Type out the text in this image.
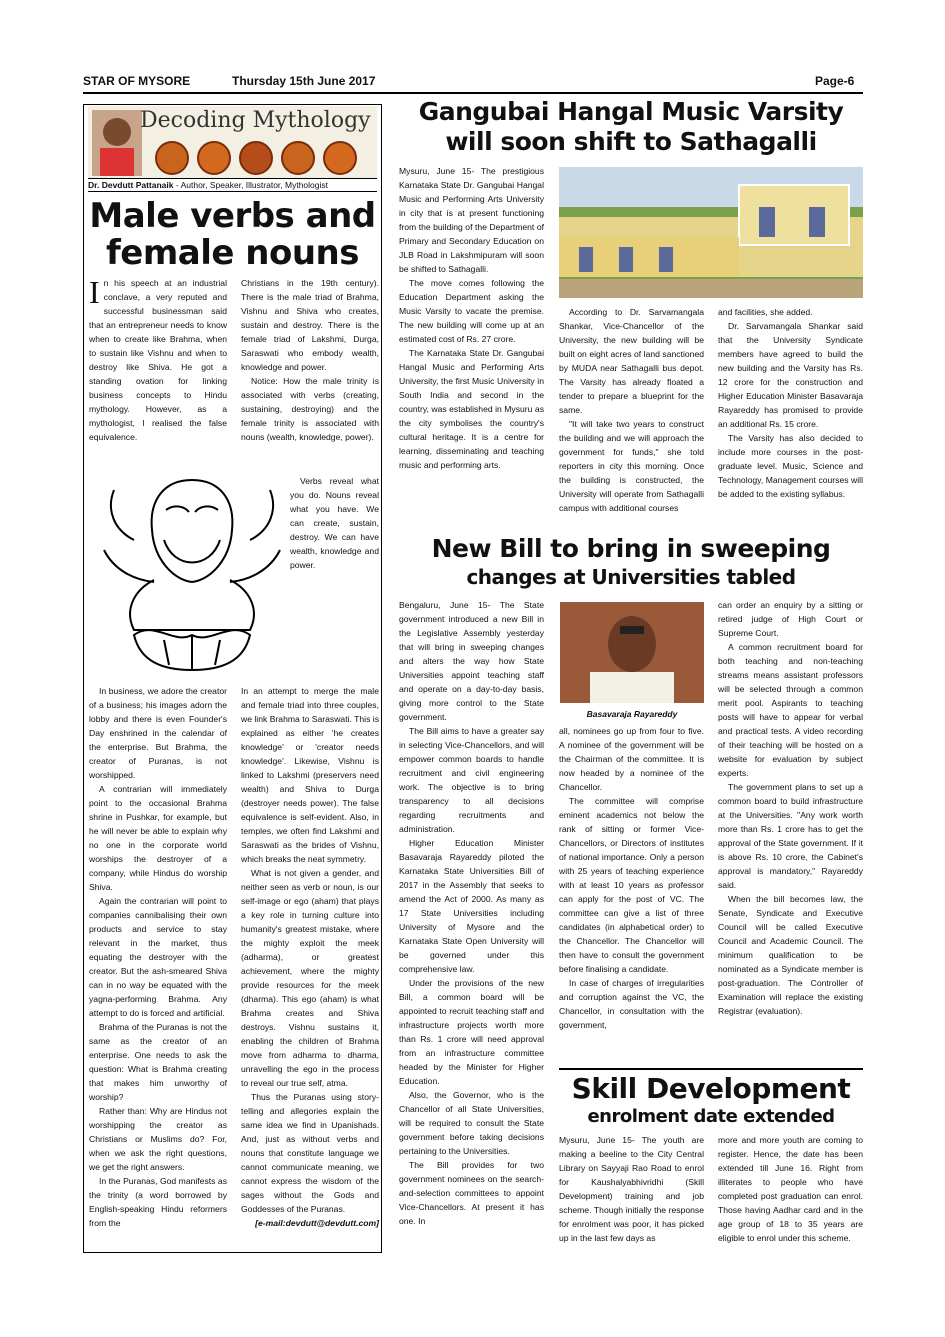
STAR OF MYSORE	Thursday 15th June 2017	Page-6
Decoding Mythology
Dr. Devdutt Pattanaik - Author, Speaker, Illustrator, Mythologist
Male verbs and
female nouns

In his speech at an industrial conclave, a very reputed and successful businessman said that an entrepreneur needs to know when to create like Brahma, when to sustain like Vishnu and when to destroy like Shiva. He got a standing ovation for linking business concepts to Hindu mythology. However, as a mythologist, I realised the false equivalence.

In business, we adore the creator of a business; his images adorn the lobby and there is even Founder's Day enshrined in the calendar of the enterprise. But Brahma, the creator of Puranas, is not worshipped.

A contrarian will immediately point to the occasional Brahma shrine in Pushkar, for example, but he will never be able to explain why no one in the corporate world worships the destroyer of a company, while Hindus do worship Shiva.

Again the contrarian will point to companies cannibalising their own products and service to stay relevant in the market, thus equating the destroyer with the creator. But the ash-smeared Shiva can in no way be equated with the yagna-performing Brahma. Any attempt to do is forced and artificial.

Brahma of the Puranas is not the same as the creator of an enterprise. One needs to ask the question: What is Brahma creating that makes him unworthy of worship?

Rather than: Why are Hindus not worshipping the creator as Christians or Muslims do? For, when we ask the right questions, we get the right answers.

In the Puranas, God manifests as the trinity (a word borrowed by English-speaking Hindu reformers from the

Christians in the 19th century). There is the male triad of Brahma, Vishnu and Shiva who creates, sustain and destroy. There is the female triad of Lakshmi, Durga, Saraswati who embody wealth, knowledge and power.

Notice: How the male trinity is associated with verbs (creating, sustaining, destroying) and the female trinity is associated with nouns (wealth, knowledge, power).

Verbs reveal what you do. Nouns reveal what you have. We can create, sustain, destroy. We can have wealth, knowledge and power.

In an attempt to merge the male and female triad into three couples, we link Brahma to Saraswati. This is explained as either 'he creates knowledge' or 'creator needs knowledge'. Likewise, Vishnu is linked to Lakshmi (preservers need wealth) and Shiva to Durga (destroyer needs power). The false equivalence is self-evident. Also, in temples, we often find Lakshmi and Saraswati as the brides of Vishnu, which breaks the neat symmetry.

What is not given a gender, and neither seen as verb or noun, is our self-image or ego (aham) that plays a key role in turning culture into humanity's greatest mistake, where the mighty exploit the meek (adharma), or greatest achievement, where the mighty provide resources for the meek (dharma). This ego (aham) is what Brahma creates and Shiva destroys. Vishnu sustains it, enabling the children of Brahma move from adharma to dharma, unravelling the ego in the process to reveal our true self, atma.

Thus the Puranas using story-telling and allegories explain the same idea we find in Upanishads. And, just as without verbs and nouns that constitute language we cannot communicate meaning, we cannot express the wisdom of the sages without the Gods and Goddesses of the Puranas.

[e-mail:devdutt@devdutt.com]

Gangubai Hangal Music Varsity
will soon shift to Sathagalli

Mysuru, June 15- The prestigious Karnataka State Dr. Gangubai Hangal Music and Performing Arts University in city that is at present functioning from the building of the Department of Primary and Secondary Education on JLB Road in Lakshmipuram will soon be shifted to Sathagalli.

The move comes following the Education Department asking the Music Varsity to vacate the premise. The new building will come up at an estimated cost of Rs. 27 crore.

The Karnataka State Dr. Gangubai Hangal Music and Performing Arts University, the first Music University in South India and second in the country, was established in Mysuru as the city symbolises the country's cultural heritage. It is a centre for learning, disseminating and teaching music and performing arts.

According to Dr. Sarvamangala Shankar, Vice-Chancellor of the University, the new building will be built on eight acres of land sanctioned by MUDA near Sathagalli bus depot. The Varsity has already floated a tender to prepare a blueprint for the same.

"It will take two years to construct the building and we will approach the government for funds," she told reporters in city this morning. Once the building is constructed, the University will operate from Sathagalli campus with additional courses

and facilities, she added.

Dr. Sarvamangala Shankar said that the University Syndicate members have agreed to build the new building and the Varsity has Rs. 12 crore for the construction and Higher Education Minister Basavaraja Rayareddy has promised to provide an additional Rs. 15 crore.

The Varsity has also decided to include more courses in the post-graduate level. Music, Science and Technology, Management courses will be added to the existing syllabus.

New Bill to bring in sweeping
changes at Universities tabled

Bengaluru, June 15- The State government introduced a new Bill in the Legislative Assembly yesterday that will bring in sweeping changes and alters the way how State Universities appoint teaching staff and operate on a day-to-day basis, giving more control to the State government.

The Bill aims to have a greater say in selecting Vice-Chancellors, and will empower common boards to handle recruitment and civil engineering work. The objective is to bring transparency to all decisions regarding recruitments and administration.

Higher Education Minister Basavaraja Rayareddy piloted the Karnataka State Universities Bill of 2017 in the Assembly that seeks to amend the Act of 2000. As many as 17 State Universities including University of Mysore and the Karnataka State Open University will be governed under this comprehensive law.

Under the provisions of the new Bill, a common board will be appointed to recruit teaching staff and infrastructure projects worth more than Rs. 1 crore will need approval from an infrastructure committee headed by the Minister for Higher Education.

Also, the Governor, who is the Chancellor of all State Universities, will be required to consult the State government before taking decisions pertaining to the Universities.

The Bill provides for two government nominees on the search-and-selection committees to appoint Vice-Chancellors. At present it has one. In

Basavaraja Rayareddy

all, nominees go up from four to five. A nominee of the government will be the Chairman of the committee. It is now headed by a nominee of the Chancellor.

The committee will comprise eminent academics not below the rank of sitting or former Vice-Chancellors, or Directors of institutes of national importance. Only a person with 25 years of teaching experience with at least 10 years as professor can apply for the post of VC. The committee can give a list of three candidates (in alphabetical order) to the Chancellor. The Chancellor will then have to consult the government before finalising a candidate.

In case of charges of irregularities and corruption against the VC, the Chancellor, in consultation with the government,

can order an enquiry by a sitting or retired judge of High Court or Supreme Court.

A common recruitment board for both teaching and non-teaching streams means assistant professors will be selected through a common merit pool. Aspirants to teaching posts will have to appear for verbal and practical tests. A video recording of their teaching will be hosted on a website for evaluation by subject experts.

The government plans to set up a common board to build infrastructure at the Universities. "Any work worth more than Rs. 1 crore has to get the approval of the State government. If it is above Rs. 10 crore, the Cabinet's approval is mandatory," Rayareddy said.

When the bill becomes law, the Senate, Syndicate and Executive Council will be called Executive Council and Academic Council. The minimum qualification to be nominated as a Syndicate member is post-graduation. The Controller of Examination will replace the existing Registrar (evaluation).

Skill Development
enrolment date extended

Mysuru, June 15- The youth are making a beeline to the City Central Library on Sayyaji Rao Road to enrol for Kaushalyabhivridhi (Skill Development) training and job scheme. Though initially the response for enrolment was poor, it has picked up in the last few days as

more and more youth are coming to register. Hence, the date has been extended till June 16. Right from illiterates to people who have completed post graduation can enrol. Those having Aadhar card and in the age group of 18 to 35 years are eligible to enrol under this scheme.
